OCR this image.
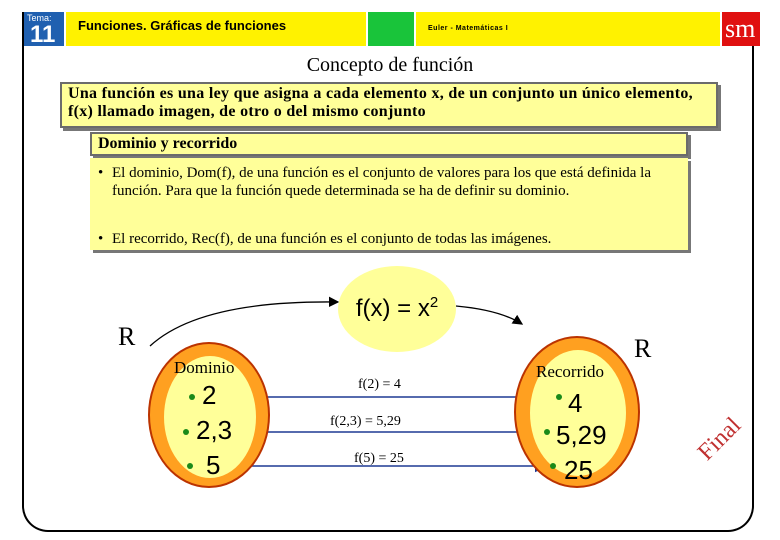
Tema:
11 Funciones. Gráficas de funciones	Euler - Matemáticas I	sm
Concepto de función
Una función es una ley que asigna a cada elemento x, de un conjunto un único elemento, f(x) llamado imagen, de otro o del mismo conjunto
Dominio y recorrido
• El dominio, Dom(f), de una función es el conjunto de valores para los que está definida la función. Para que la función quede determinada se ha de definir su dominio.
• El recorrido, Rec(f), de una función es el conjunto de todas las imágenes.
$f(x) = x^2$
R	R
Dominio	Recorrido
2
2,3
5
4
5,29
25
f(2) = 4
f(2,3) = 5,29
f(5) = 25	Final
